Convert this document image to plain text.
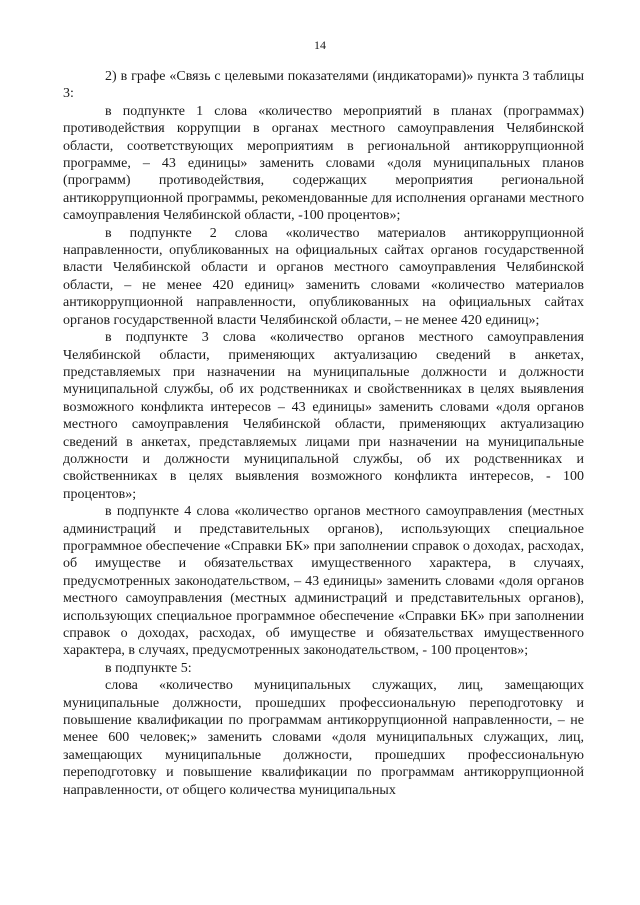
14

2) в графе «Связь с целевыми показателями (индикаторами)» пункта 3 таблицы 3:

в подпункте 1 слова «количество мероприятий в планах (программах) противодействия коррупции в органах местного самоуправления Челябинской области, соответствующих мероприятиям в региональной антикоррупционной программе, – 43 единицы» заменить словами «доля муниципальных планов (программ) противодействия, содержащих мероприятия региональной антикоррупционной программы, рекомендованные для исполнения органами местного самоуправления Челябинской области, -100 процентов»;

в подпункте 2 слова «количество материалов антикоррупционной направленности, опубликованных на официальных сайтах органов государственной власти Челябинской области и органов местного самоуправления Челябинской области, – не менее 420 единиц» заменить словами «количество материалов антикоррупционной направленности, опубликованных на официальных сайтах органов государственной власти Челябинской области, – не менее 420 единиц»;

в подпункте 3 слова «количество органов местного самоуправления Челябинской области, применяющих актуализацию сведений в анкетах, представляемых при назначении на муниципальные должности и должности муниципальной службы, об их родственниках и свойственниках в целях выявления возможного конфликта интересов – 43 единицы» заменить словами «доля органов местного самоуправления Челябинской области, применяющих актуализацию сведений в анкетах, представляемых лицами при назначении на муниципальные должности и должности муниципальной службы, об их родственниках и свойственниках в целях выявления возможного конфликта интересов, - 100 процентов»;

в подпункте 4 слова «количество органов местного самоуправления (местных администраций и представительных органов), использующих специальное программное обеспечение «Справки БК» при заполнении справок о доходах, расходах, об имуществе и обязательствах имущественного характера, в случаях, предусмотренных законодательством, – 43 единицы» заменить словами «доля органов местного самоуправления (местных администраций и представительных органов), использующих специальное программное обеспечение «Справки БК» при заполнении справок о доходах, расходах, об имуществе и обязательствах имущественного характера, в случаях, предусмотренных законодательством, - 100 процентов»;

в подпункте 5:

слова «количество муниципальных служащих, лиц, замещающих муниципальные должности, прошедших профессиональную переподготовку и повышение квалификации по программам антикоррупционной направленности, – не менее 600 человек;» заменить словами «доля муниципальных служащих, лиц, замещающих муниципальные должности, прошедших профессиональную переподготовку и повышение квалификации по программам антикоррупционной направленности, от общего количества муниципальных
